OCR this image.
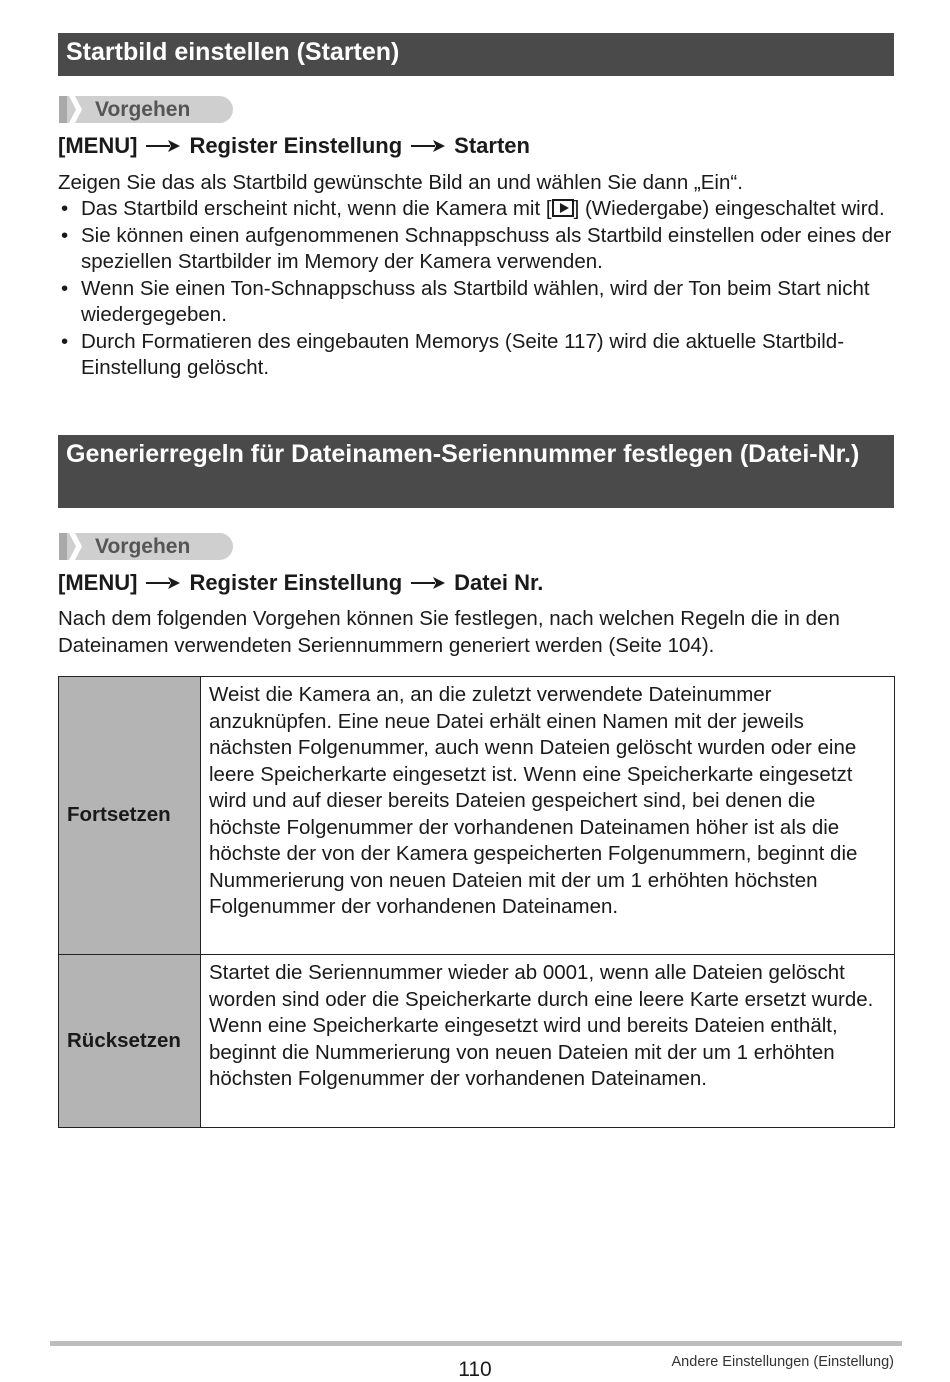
Startbild einstellen (Starten)
Vorgehen
[MENU] Register Einstellung Starten
Zeigen Sie das als Startbild gewünschte Bild an und wählen Sie dann „Ein“.
• Das Startbild erscheint nicht, wenn die Kamera mit [ ] (Wiedergabe) eingeschaltet wird.
• Sie können einen aufgenommenen Schnappschuss als Startbild einstellen oder eines der speziellen Startbilder im Memory der Kamera verwenden.
• Wenn Sie einen Ton-Schnappschuss als Startbild wählen, wird der Ton beim Start nicht wiedergegeben.
• Durch Formatieren des eingebauten Memorys (Seite 117) wird die aktuelle Startbild-Einstellung gelöscht.
Generierregeln für Dateinamen-Seriennummer festlegen (Datei-Nr.)
Vorgehen
[MENU] Register Einstellung Datei Nr.
Nach dem folgenden Vorgehen können Sie festlegen, nach welchen Regeln die in den Dateinamen verwendeten Seriennummern generiert werden (Seite 104).
Fortsetzen	Weist die Kamera an, an die zuletzt verwendete Dateinummer anzuknüpfen. Eine neue Datei erhält einen Namen mit der jeweils nächsten Folgenummer, auch wenn Dateien gelöscht wurden oder eine leere Speicherkarte eingesetzt ist. Wenn eine Speicherkarte eingesetzt wird und auf dieser bereits Dateien gespeichert sind, bei denen die höchste Folgenummer der vorhandenen Dateinamen höher ist als die höchste der von der Kamera gespeicherten Folgenummern, beginnt die Nummerierung von neuen Dateien mit der um 1 erhöhten höchsten Folgenummer der vorhandenen Dateinamen.
Rücksetzen	Startet die Seriennummer wieder ab 0001, wenn alle Dateien gelöscht worden sind oder die Speicherkarte durch eine leere Karte ersetzt wurde. Wenn eine Speicherkarte eingesetzt wird und bereits Dateien enthält, beginnt die Nummerierung von neuen Dateien mit der um 1 erhöhten höchsten Folgenummer der vorhandenen Dateinamen.
110	Andere Einstellungen (Einstellung)
